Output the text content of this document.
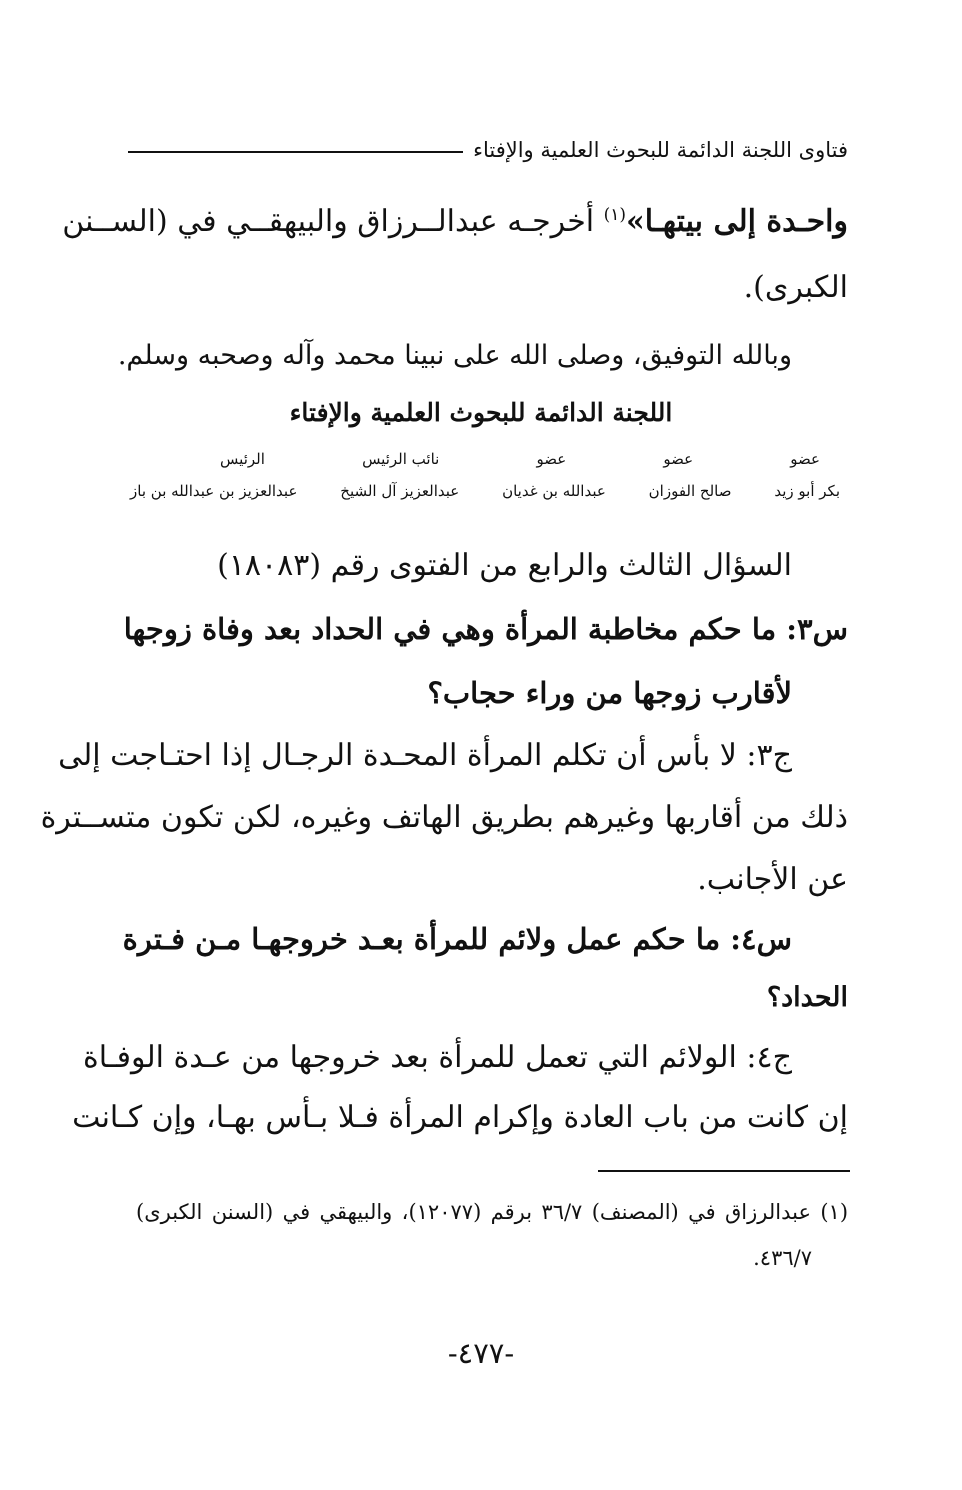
فتاوى اللجنة الدائمة للبحوث العلمية والإفتاء
واحـدة إلى بيتهـا»$^{(١)}$ أخرجـه عبدالــرزاق والبيهقــي في (الســنن
الكبرى).
وبالله التوفيق، وصلى الله على نبينا محمد وآله وصحبه وسلم.
اللجنة الدائمة للبحوث العلمية والإفتاء
عضو
عضو
عضو
نائب الرئيس
الرئيس
بكر أبو زيد
صالح الفوزان
عبدالله بن غديان
عبدالعزيز آل الشيخ
عبدالعزيز بن عبدالله بن باز
السؤال الثالث والرابع من الفتوى رقم (١٨٠٨٣)
س٣: ما حكم مخاطبة المرأة وهي في الحداد بعد وفاة زوجها
لأقارب زوجها من وراء حجاب؟
ج٣: لا بأس أن تكلم المرأة المحـدة الرجـال إذا احتـاجت إلى
ذلك من أقاربها وغيرهم بطريق الهاتف وغيره، لكن تكون متســترة
عن الأجانب.
س٤: ما حكم عمل ولائم للمرأة بعـد خروجهـا مـن فـترة
الحداد؟
ج٤: الولائم التي تعمل للمرأة بعد خروجها من عـدة الوفـاة
إن كانت من باب العادة وإكرام المرأة فـلا بـأس بهـا، وإن كـانت
(١) عبدالرزاق في (المصنف) ٣٦/٧ برقم (١٢٠٧٧)، والبيهقي في (السنن الكبرى)
٤٣٦/٧.
-٤٧٧-
